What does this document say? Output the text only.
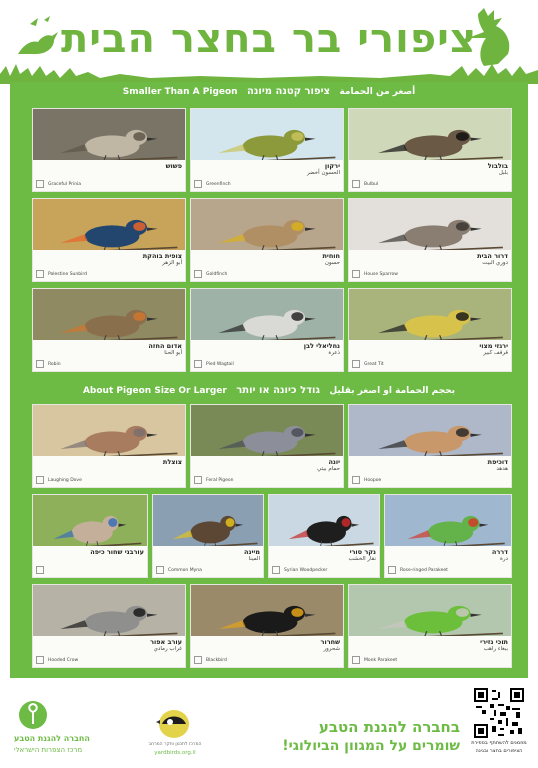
ציפורי בר בחצר הבית
Smaller Than A Pigeon	أصغر من الحمامة   ציפור קטנה מיונה
About Pigeon Size Or Larger	بحجم الحمامة او اصغر بقليل   גודל כיונה או יותר
בולבול
بلبل
Bulbul
ירקון
الحسون أخضر
Greenfinch
פשוש
Graceful Prinia
דרור הבית
دوري البيت
House Sparrow
חוחית
حسون
Goldfinch
צופית בוהקת
أبو الزهر
Palestine Sunbird
ירגזי מצוי
قرقف كبير
Great Tit
נחליאלי לבן
ذعرة
Pied Wagtail
אדום החזה
أبو الحنا
Robin
דוכיפת
هدهد
Hoopoe
יונה
حمام بيتي
Feral Pigeon
צוצלת
Laughing Dove
דררה
درة
Rose-ringed Parakeet
נקר סורי
نقار الخشب
Syrian Woodpecker
מיינה
المينا
Common Myna
עורבני שחור כיפה
תוכי נזירי
ببغاء راهب
Monk Parakeet
שחרור
شحرور
Blackbird
עורב אפור
غراب رمادي
Hooded Crow
החברה להגנת הטבע
מרכז הצפרות הישראלי
המרכז לתכנון וחקר המרחב
yardbirds.org.il
בחברה להגנת הטבע
שומרים על המגוון הביולוגי!	מוזמנים להשתתף בספירת
הציפורים בחצר ובגינה
